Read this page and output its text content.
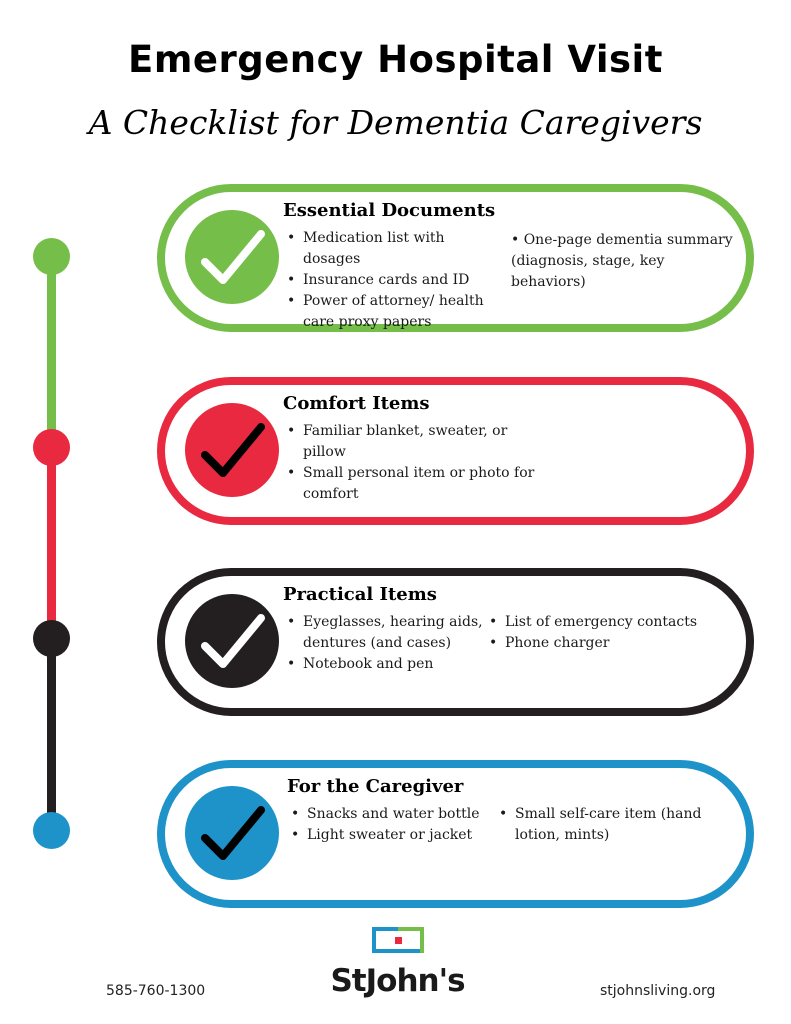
Emergency Hospital Visit
A Checklist for Dementia Caregivers
Essential Documents
• Medication list with dosages
• Insurance cards and ID
• Power of attorney/ health care proxy papers
• One-page dementia summary
(diagnosis, stage, key behaviors)
Comfort Items
• Familiar blanket, sweater, or pillow
• Small personal item or photo for comfort
Practical Items
• Eyeglasses, hearing aids, dentures (and cases)
• Notebook and pen
• List of emergency contacts
• Phone charger
For the Caregiver
• Snacks and water bottle
• Light sweater or jacket
• Small self-care item (hand lotion, mints)
585-760-1300	StJohn's	stjohnsliving.org
